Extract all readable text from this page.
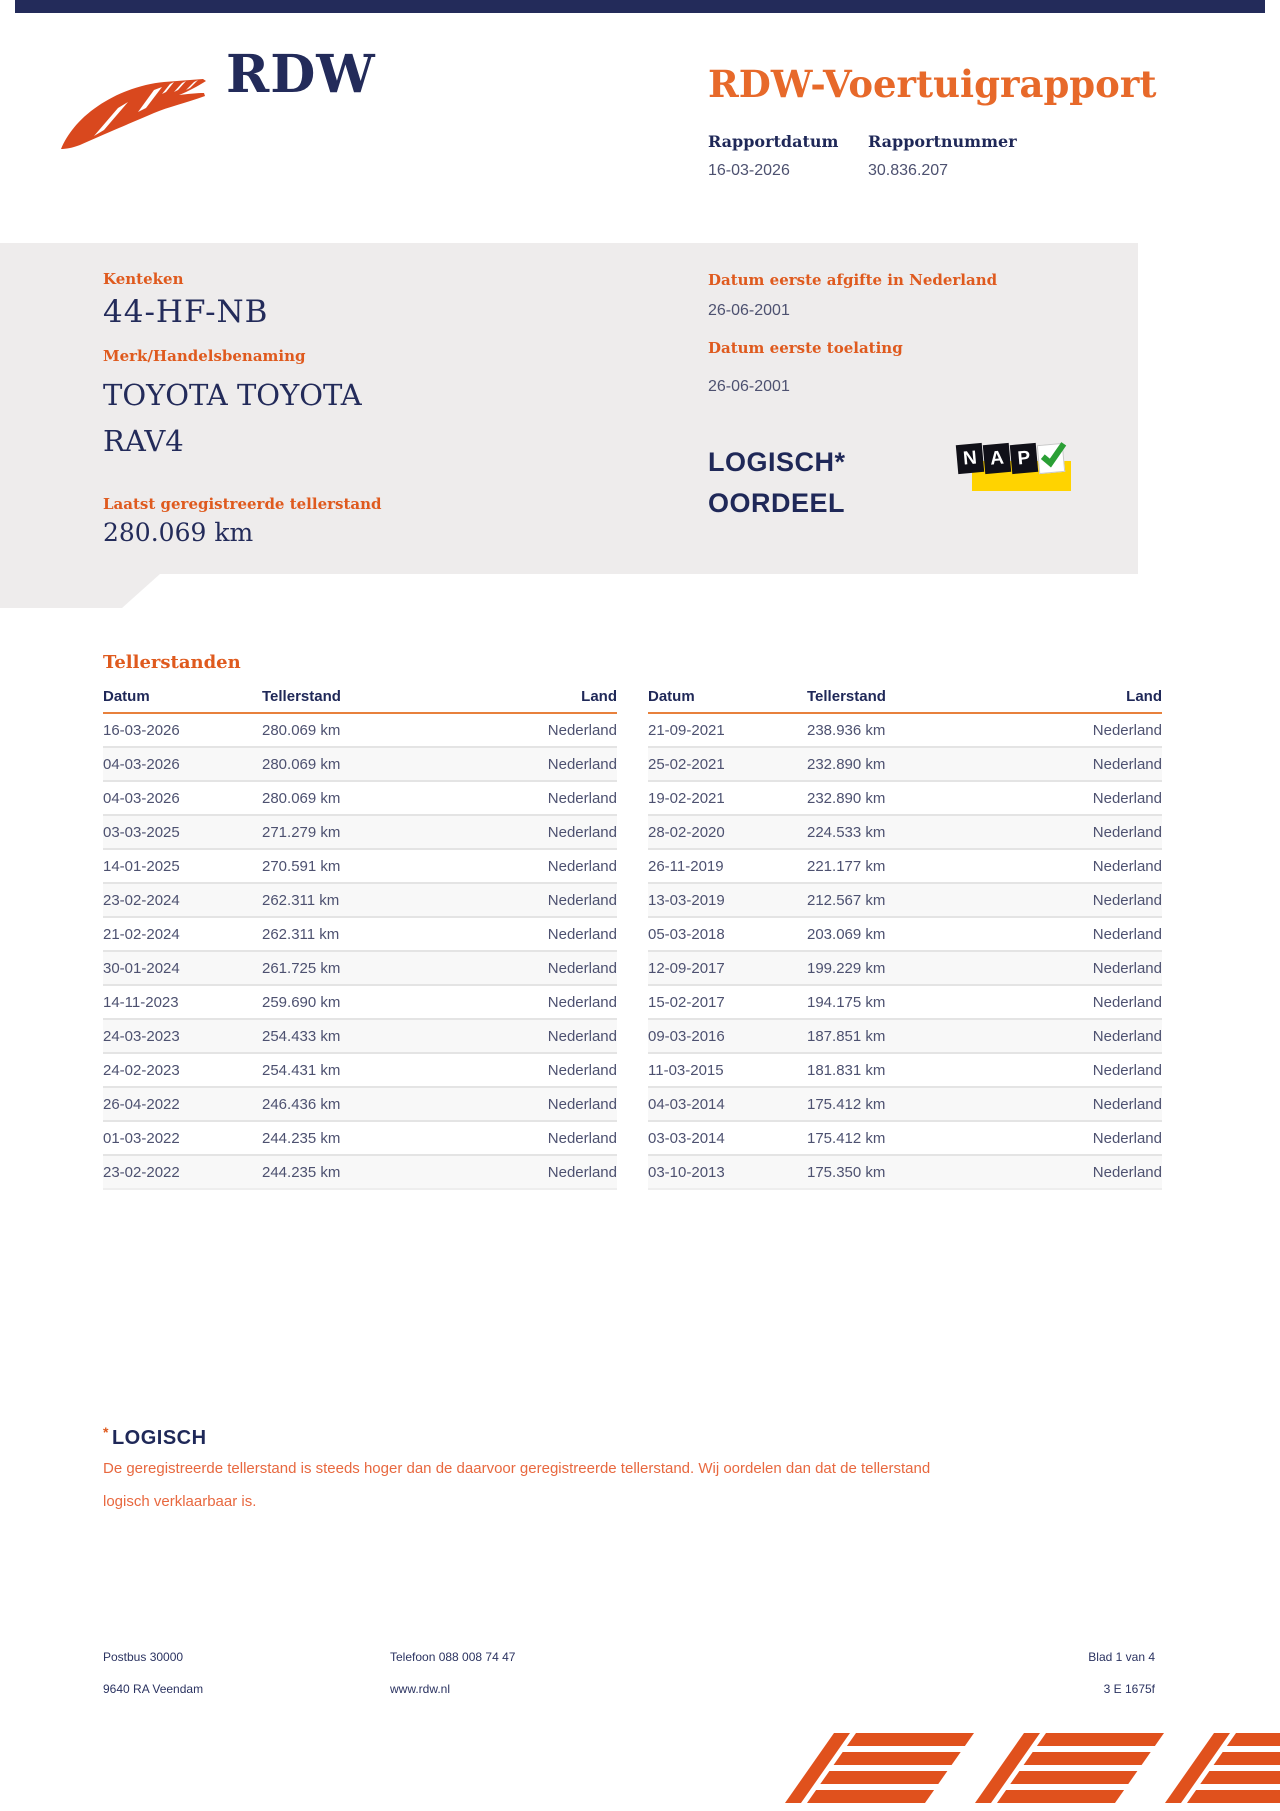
RDW	RDW-Voertuigrapport
Rapportdatum Rapportnummer
16-03-2026	30.836.207
Kenteken
44-HF-NB
Merk/Handelsbenaming
TOYOTA TOYOTA
RAV4
Laatst geregistreerde tellerstand
280.069 km
Datum eerste afgifte in Nederland
26-06-2001
Datum eerste toelating
26-06-2001
LOGISCH*
OORDEEL
N A P
Tellerstanden
Datum	Tellerstand	Land
16-03-2026	280.069 km	Nederland
04-03-2026	280.069 km	Nederland
04-03-2026	280.069 km	Nederland
03-03-2025	271.279 km	Nederland
14-01-2025	270.591 km	Nederland
23-02-2024	262.311 km	Nederland
21-02-2024	262.311 km	Nederland
30-01-2024	261.725 km	Nederland
14-11-2023	259.690 km	Nederland
24-03-2023	254.433 km	Nederland
24-02-2023	254.431 km	Nederland
26-04-2022	246.436 km	Nederland
01-03-2022	244.235 km	Nederland
23-02-2022	244.235 km	Nederland
Datum	Tellerstand	Land
21-09-2021	238.936 km	Nederland
25-02-2021	232.890 km	Nederland
19-02-2021	232.890 km	Nederland
28-02-2020	224.533 km	Nederland
26-11-2019	221.177 km	Nederland
13-03-2019	212.567 km	Nederland
05-03-2018	203.069 km	Nederland
12-09-2017	199.229 km	Nederland
15-02-2017	194.175 km	Nederland
09-03-2016	187.851 km	Nederland
11-03-2015	181.831 km	Nederland
04-03-2014	175.412 km	Nederland
03-03-2014	175.412 km	Nederland
03-10-2013	175.350 km	Nederland
* LOGISCH
De geregistreerde tellerstand is steeds hoger dan de daarvoor geregistreerde tellerstand. Wij oordelen dan dat de tellerstand logisch verklaarbaar is.
Postbus 30000
9640 RA Veendam
Telefoon 088 008 74 47
www.rdw.nl
Blad 1 van 4
3 E 1675f
